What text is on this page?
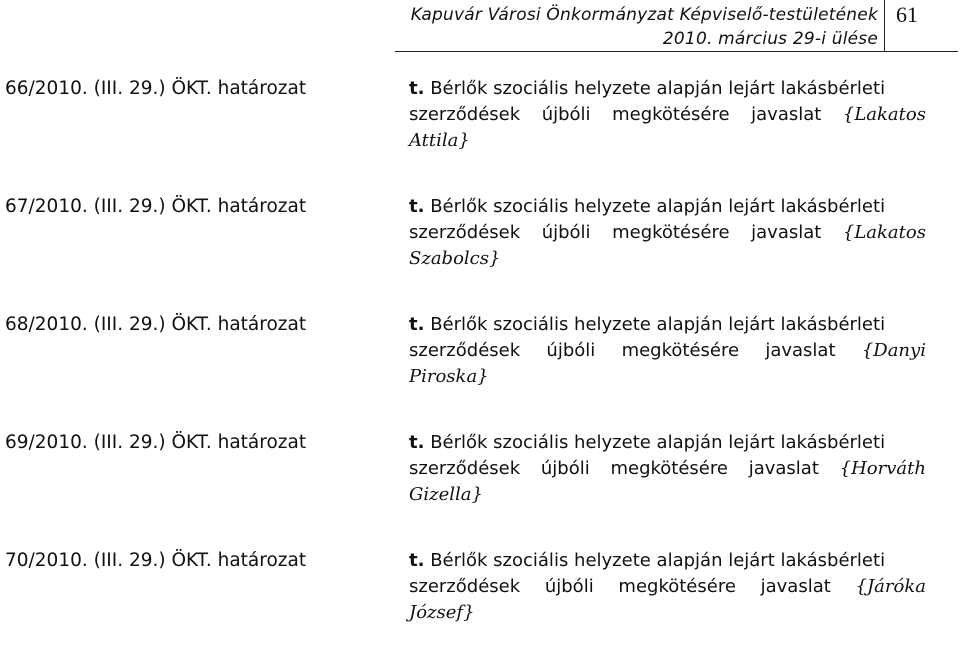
Kapuvár Városi Önkormányzat Képviselő-testületének
2010. március 29-i ülése
61
66/2010. (III. 29.) ÖKT. határozat	t. Bérlők szociális helyzete alapján lejárt lakásbérleti
szerződések újbóli megkötésére javaslat {Lakatos
Attila}
67/2010. (III. 29.) ÖKT. határozat	t. Bérlők szociális helyzete alapján lejárt lakásbérleti
szerződések újbóli megkötésére javaslat {Lakatos
Szabolcs}
68/2010. (III. 29.) ÖKT. határozat	t. Bérlők szociális helyzete alapján lejárt lakásbérleti
szerződések újbóli megkötésére javaslat {Danyi
Piroska}
69/2010. (III. 29.) ÖKT. határozat	t. Bérlők szociális helyzete alapján lejárt lakásbérleti
szerződések újbóli megkötésére javaslat {Horváth
Gizella}
70/2010. (III. 29.) ÖKT. határozat	t. Bérlők szociális helyzete alapján lejárt lakásbérleti
szerződések újbóli megkötésére javaslat {Járóka
József}
